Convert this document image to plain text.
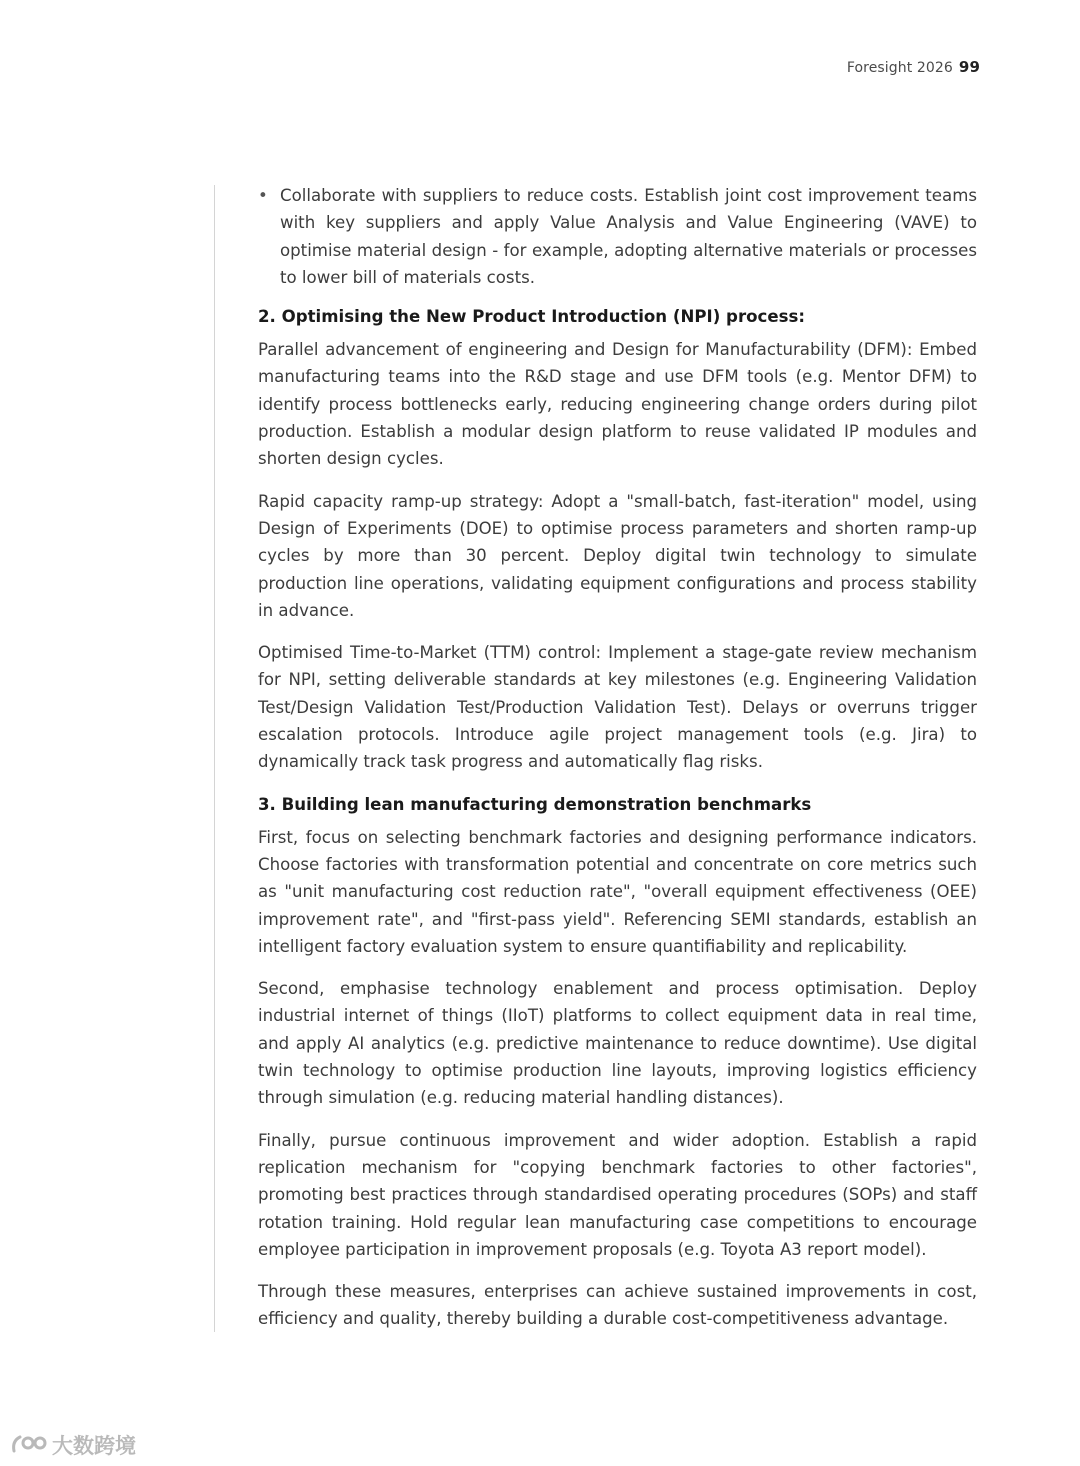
Foresight 2026 99
• Collaborate with suppliers to reduce costs. Establish joint cost improvement teams with key suppliers and apply Value Analysis and Value Engineering (VAVE) to optimise material design - for example, adopting alternative materials or processes to lower bill of materials costs.
2. Optimising the New Product Introduction (NPI) process:

Parallel advancement of engineering and Design for Manufacturability (DFM): Embed manufacturing teams into the R&D stage and use DFM tools (e.g. Mentor DFM) to identify process bottlenecks early, reducing engineering change orders during pilot production. Establish a modular design platform to reuse validated IP modules and shorten design cycles.

Rapid capacity ramp-up strategy: Adopt a "small-batch, fast-iteration" model, using Design of Experiments (DOE) to optimise process parameters and shorten ramp-up cycles by more than 30 percent. Deploy digital twin technology to simulate production line operations, validating equipment configurations and process stability in advance.

Optimised Time-to-Market (TTM) control: Implement a stage-gate review mechanism for NPI, setting deliverable standards at key milestones (e.g. Engineering Validation Test/Design Validation Test/Production Validation Test). Delays or overruns trigger escalation protocols. Introduce agile project management tools (e.g. Jira) to dynamically track task progress and automatically flag risks.

3. Building lean manufacturing demonstration benchmarks

First, focus on selecting benchmark factories and designing performance indicators. Choose factories with transformation potential and concentrate on core metrics such as "unit manufacturing cost reduction rate", "overall equipment effectiveness (OEE) improvement rate", and "first-pass yield". Referencing SEMI standards, establish an intelligent factory evaluation system to ensure quantifiability and replicability.

Second, emphasise technology enablement and process optimisation. Deploy industrial internet of things (IIoT) platforms to collect equipment data in real time, and apply AI analytics (e.g. predictive maintenance to reduce downtime). Use digital twin technology to optimise production line layouts, improving logistics efficiency through simulation (e.g. reducing material handling distances).

Finally, pursue continuous improvement and wider adoption. Establish a rapid replication mechanism for "copying benchmark factories to other factories", promoting best practices through standardised operating procedures (SOPs) and staff rotation training. Hold regular lean manufacturing case competitions to encourage employee participation in improvement proposals (e.g. Toyota A3 report model).

Through these measures, enterprises can achieve sustained improvements in cost, efficiency and quality, thereby building a durable cost-competitiveness advantage.

大数跨境
